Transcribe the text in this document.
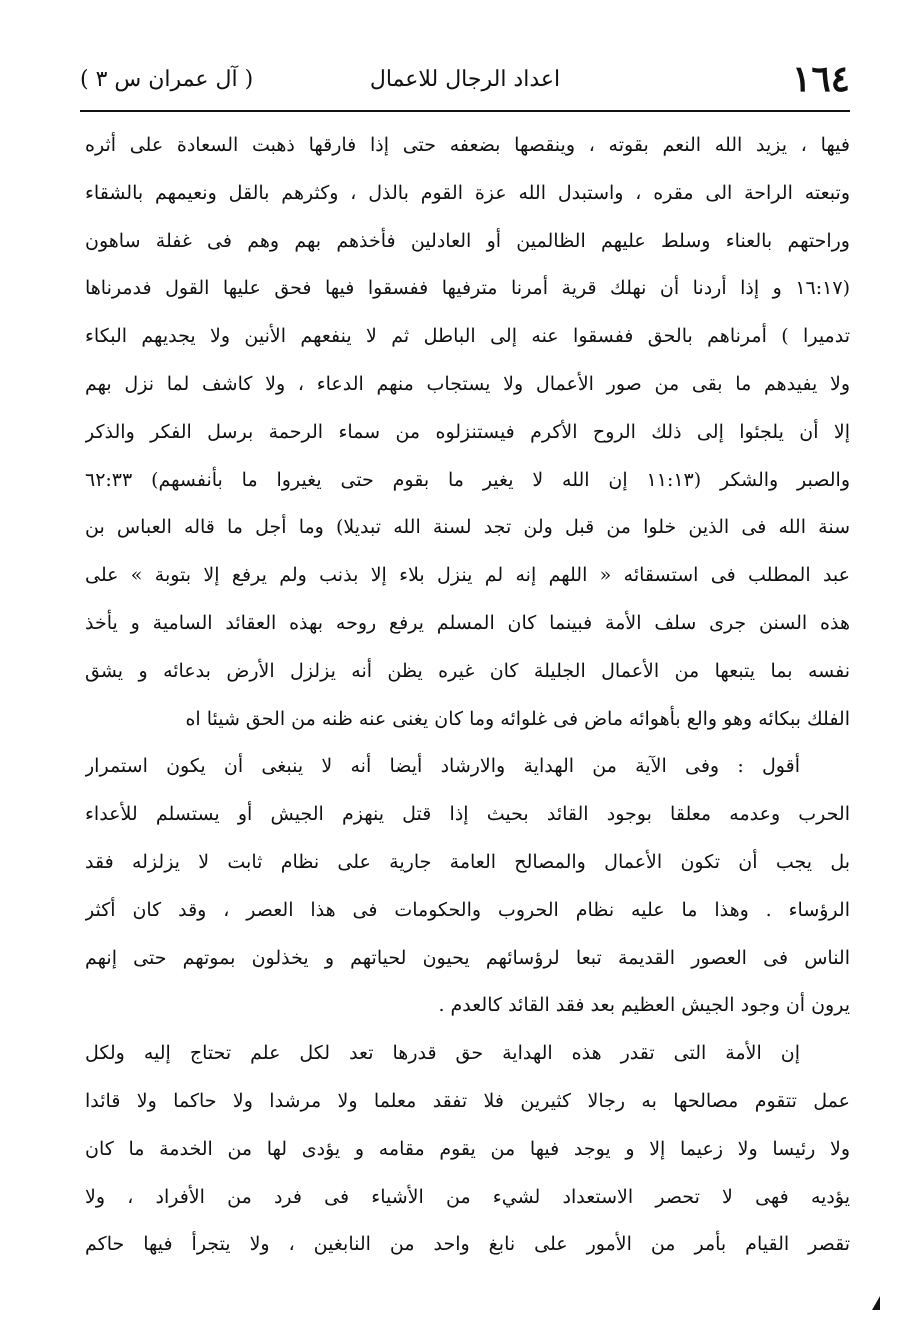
١٦٤
اعداد الرجال للاعمال
( آل عمران س ٣ )
فيها ، يزيد الله النعم بقوته ، وينقصها بضعفه حتى إذا فارقها ذهبت السعادة على أثره
وتبعته الراحة الى مقره ، واستبدل الله عزة القوم بالذل ، وكثرهم بالقل ونعيمهم بالشقاء
وراحتهم بالعناء وسلط عليهم الظالمين أو العادلين فأخذهم بهم وهم فى غفلة ساهون
(١٦:١٧ و إذا أردنا أن نهلك قرية أمرنا مترفيها ففسقوا فيها فحق عليها القول فدمرناها
تدميرا ) أمرناهم بالحق ففسقوا عنه إلى الباطل ثم لا ينفعهم الأنين ولا يجديهم البكاء
ولا يفيدهم ما بقى من صور الأعمال ولا يستجاب منهم الدعاء ، ولا كاشف لما نزل بهم
إلا أن يلجئوا إلى ذلك الروح الأكرم فيستنزلوه من سماء الرحمة برسل الفكر والذكر
والصبر والشكر (١١:١٣ إن الله لا يغير ما بقوم حتى يغيروا ما بأنفسهم) ٦٢:٣٣
سنة الله فى الذين خلوا من قبل ولن تجد لسنة الله تبديلا) وما أجل ما قاله العباس بن
عبد المطلب فى استسقائه « اللهم إنه لم ينزل بلاء إلا بذنب ولم يرفع إلا بتوبة » على
هذه السنن جرى سلف الأمة فبينما كان المسلم يرفع روحه بهذه العقائد السامية و يأخذ
نفسه بما يتبعها من الأعمال الجليلة كان غيره يظن أنه يزلزل الأرض بدعائه و يشق
الفلك ببكائه وهو والع بأهوائه ماض فى غلوائه وما كان يغنى عنه ظنه من الحق شيئا اه
أقول : وفى الآية من الهداية والارشاد أيضا أنه لا ينبغى أن يكون استمرار
الحرب وعدمه معلقا بوجود القائد بحيث إذا قتل ينهزم الجيش أو يستسلم للأعداء
بل يجب أن تكون الأعمال والمصالح العامة جارية على نظام ثابت لا يزلزله فقد
الرؤساء . وهذا ما عليه نظام الحروب والحكومات فى هذا العصر ، وقد كان أكثر
الناس فى العصور القديمة تبعا لرؤسائهم يحيون لحياتهم و يخذلون بموتهم حتى إنهم
يرون أن وجود الجيش العظيم بعد فقد القائد كالعدم .
إن الأمة التى تقدر هذه الهداية حق قدرها تعد لكل علم تحتاج إليه ولكل
عمل تتقوم مصالحها به رجالا كثيرين فلا تفقد معلما ولا مرشدا ولا حاكما ولا قائدا
ولا رئيسا ولا زعيما إلا و يوجد فيها من يقوم مقامه و يؤدى لها من الخدمة ما كان
يؤديه فهى لا تحصر الاستعداد لشيء من الأشياء فى فرد من الأفراد ، ولا
تقصر القيام بأمر من الأمور على نابغ واحد من النابغين ، ولا يتجرأ فيها حاكم
